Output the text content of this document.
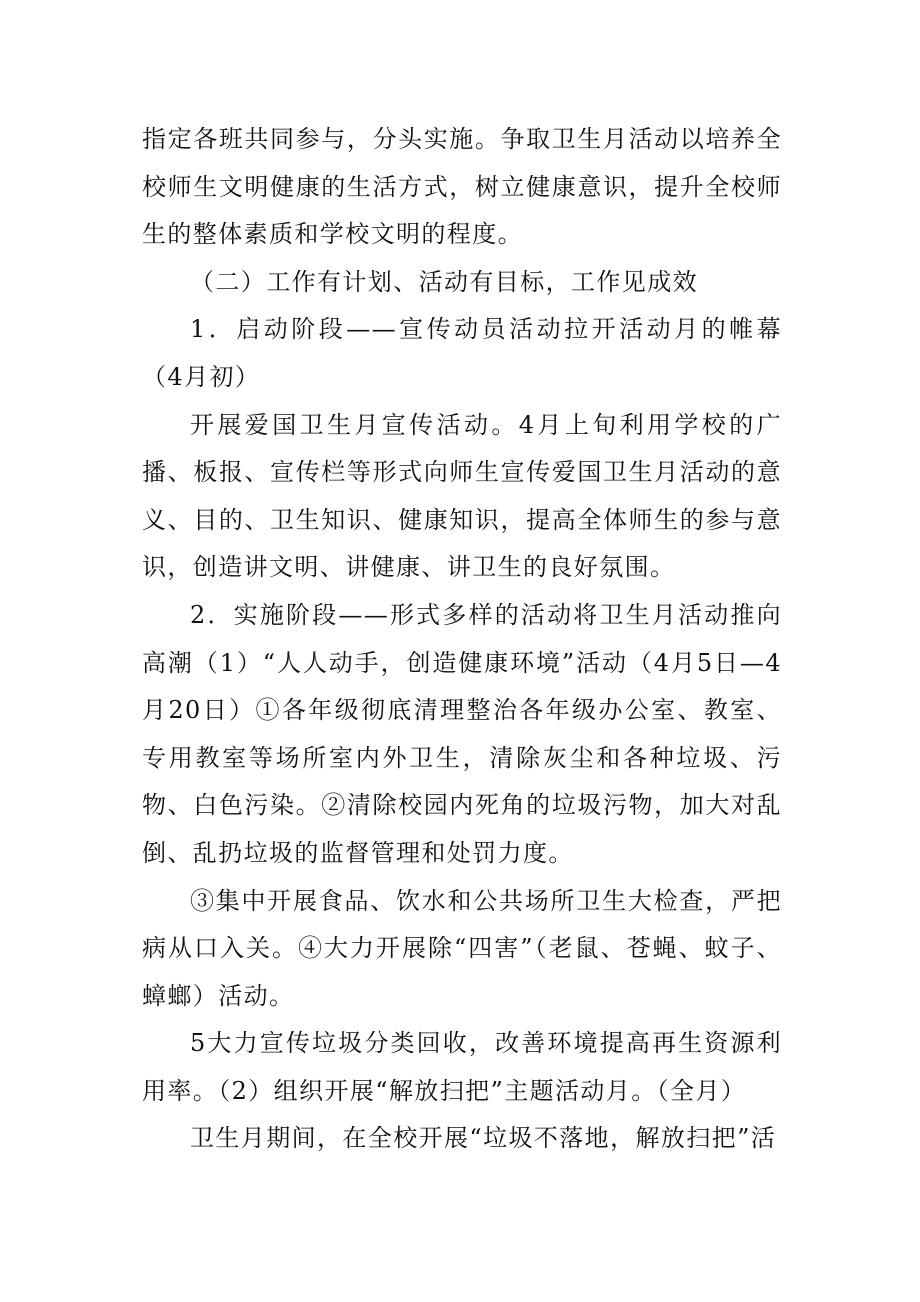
指定各班共同参与，分头实施。争取卫生月活动以培养全校师生文明健康的生活方式，树立健康意识，提升全校师生的整体素质和学校文明的程度。

（二）工作有计划、活动有目标，工作见成效

1．启动阶段——宣传动员活动拉开活动月的帷幕（4月初）

开展爱国卫生月宣传活动。4月上旬利用学校的广播、板报、宣传栏等形式向师生宣传爱国卫生月活动的意义、目的、卫生知识、健康知识，提高全体师生的参与意识，创造讲文明、讲健康、讲卫生的良好氛围。

2．实施阶段——形式多样的活动将卫生月活动推向高潮（1）“人人动手，创造健康环境”活动（4月5日—4月20日）①各年级彻底清理整治各年级办公室、教室、专用教室等场所室内外卫生，清除灰尘和各种垃圾、污物、白色污染。②清除校园内死角的垃圾污物，加大对乱倒、乱扔垃圾的监督管理和处罚力度。

③集中开展食品、饮水和公共场所卫生大检查，严把病从口入关。④大力开展除“四害”（老鼠、苍蝇、蚊子、蟑螂）活动。

5大力宣传垃圾分类回收，改善环境提高再生资源利用率。（2）组织开展“解放扫把”主题活动月。（全月）

卫生月期间，在全校开展“垃圾不落地，解放扫把”活
